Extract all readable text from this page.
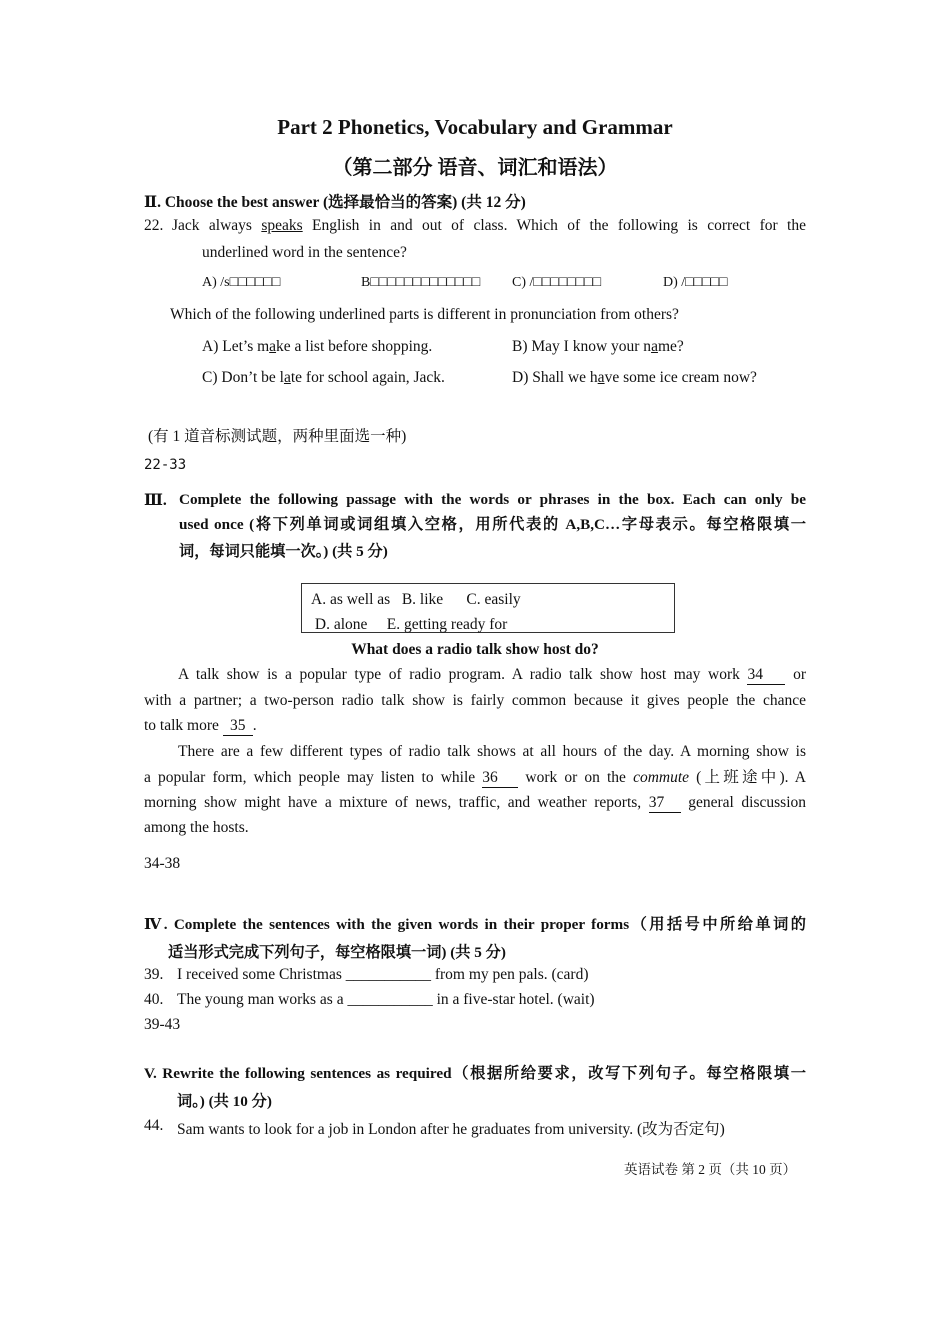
Part 2 Phonetics, Vocabulary and Grammar
（第二部分 语音、词汇和语法）
Ⅱ. Choose the best answer (选择最恰当的答案) (共 12 分)
22. Jack always speaks English in and out of class. Which of the following is correct for the
underlined word in the sentence?
A) /s□□□□□□	B□□□□□□□□□□□□□ C) /□□□□□□□□	D) /□□□□□
Which of the following underlined parts is different in pronunciation from others?
A) Let’s make a list before shopping.	B) May I know your name?
C) Don’t be late for school again, Jack.	D) Shall we have some ice cream now?
(有 1 道音标测试题，两种里面选一种)
22-33
Ⅲ. Complete the following passage with the words or phrases in the box. Each can only be
used once (将下列单词或词组填入空格，用所代表的 A,B,C…字母表示。每空格限填一
词，每词只能填一次。) (共 5 分)
A. as well as   B. like      C. easily
D. alone     E. getting ready for
What does a radio talk show host do?
A talk show is a popular type of radio program. A radio talk show host may work 34 or
with a partner; a two-person radio talk show is fairly common because it gives people the chance
to talk more 35 .
There are a few different types of radio talk shows at all hours of the day. A morning show is
a popular form, which people may listen to while 36 work or on the commute (上班途中). A
morning show might have a mixture of news, traffic, and weather reports, 37 general discussion
among the hosts.
34-38
Ⅳ. Complete the sentences with the given words in their proper forms（用括号中所给单词的
适当形式完成下列句子，每空格限填一词) (共 5 分)
39. I received some Christmas ___________ from my pen pals. (card)
40. The young man works as a ___________ in a five-star hotel. (wait)
39-43
V. Rewrite the following sentences as required（根据所给要求，改写下列句子。每空格限填一
词。) (共 10 分)
44. Sam wants to look for a job in London after he graduates from university. (改为否定句)
英语试卷 第 2 页（共 10 页）
